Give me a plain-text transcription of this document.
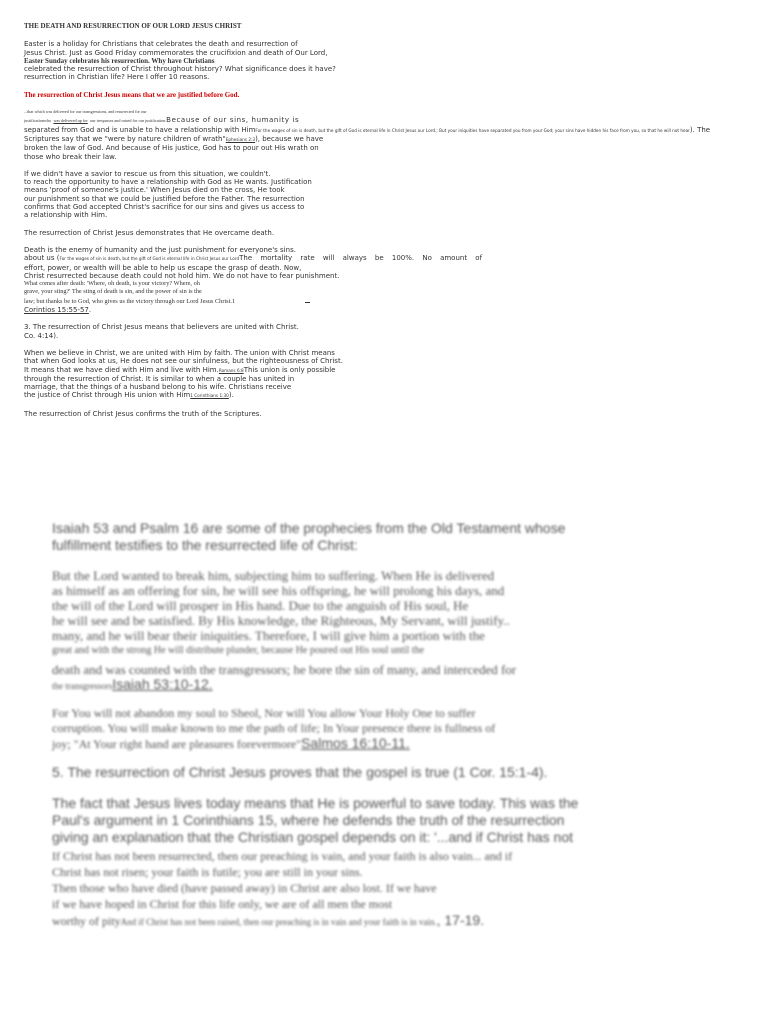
THE DEATH AND RESURRECTION OF OUR LORD JESUS CHRIST
Easter is a holiday for Christians that celebrates the death and resurrection of
Jesus Christ. Just as Good Friday commemorates the crucifixion and death of Our Lord,
Easter Sunday celebrates his resurrection. Why have Christians
celebrated the resurrection of Christ throughout history? What significance does it have?
resurrection in Christian life? Here I offer 10 reasons.
The resurrection of Christ Jesus means that we are justified before God.
...that which was delivered for our transgressions, and resurrected for our
justificationwho was delivered up for our trespasses and raised for our justification.Because of our sins, humanity is
separated from God and is unable to have a relationship with HimFor the wages of sin is death, but the gift of God is eternal life in Christ Jesus our Lord.; But your iniquities have separated you from your God; your sins have hidden his face from you, so that he will not hear). The
Scriptures say that we "were by nature children of wrath"Ephesians 2:3), because we have
broken the law of God. And because of His justice, God has to pour out His wrath on
those who break their law.
If we didn't have a savior to rescue us from this situation, we couldn't.
to reach the opportunity to have a relationship with God as He wants. Justification
means 'proof of someone's justice.' When Jesus died on the cross, He took
our punishment so that we could be justified before the Father. The resurrection
confirms that God accepted Christ's sacrifice for our sins and gives us access to
a relationship with Him.
The resurrection of Christ Jesus demonstrates that He overcame death.
Death is the enemy of humanity and the just punishment for everyone's sins.
about us (For the wages of sin is death, but the gift of God is eternal life in Christ Jesus our LordThe mortality rate will always be 100%. No amount of
effort, power, or wealth will be able to help us escape the grasp of death. Now,
Christ resurrected because death could not hold him. We do not have to fear punishment.
What comes after death: 'Where, oh death, is your victory? Where, oh
grave, your sting?' The sting of death is sin, and the power of sin is the
law; but thanks be to God, who gives us the victory through our Lord Jesus Christ.1
Corintios 15:55-57.
3. The resurrection of Christ Jesus means that believers are united with Christ.
Co. 4:14).
When we believe in Christ, we are united with Him by faith. The union with Christ means
that when God looks at us, He does not see our sinfulness, but the righteousness of Christ.
It means that we have died with Him and live with Him.Romans 6:8This union is only possible
through the resurrection of Christ. It is similar to when a couple has united in
marriage, that the things of a husband belong to his wife. Christians receive
the justice of Christ through His union with Him1 Corinthians 1:30).
The resurrection of Christ Jesus confirms the truth of the Scriptures.
Isaiah 53 and Psalm 16 are some of the prophecies from the Old Testament whose
fulfillment testifies to the resurrected life of Christ:
But the Lord wanted to break him, subjecting him to suffering. When He is delivered
as himself as an offering for sin, he will see his offspring, he will prolong his days, and
the will of the Lord will prosper in His hand. Due to the anguish of His soul, He
he will see and be satisfied. By His knowledge, the Righteous, My Servant, will justify..
many, and he will bear their iniquities. Therefore, I will give him a portion with the
great and with the strong He will distribute plunder, because He poured out His soul until the
death and was counted with the transgressors; he bore the sin of many, and interceded for
the transgressorsIsaiah 53:10-12.
For You will not abandon my soul to Sheol, Nor will You allow Your Holy One to suffer
corruption. You will make known to me the path of life; In Your presence there is fullness of
joy; "At Your right hand are pleasures forevermore"Salmos 16:10-11.
5. The resurrection of Christ Jesus proves that the gospel is true (1 Cor. 15:1-4).
The fact that Jesus lives today means that He is powerful to save today. This was the
Paul's argument in 1 Corinthians 15, where he defends the truth of the resurrection
giving an explanation that the Christian gospel depends on it: '...and if Christ has not
If Christ has not been resurrected, then our preaching is vain, and your faith is also vain... and if
Christ has not risen; your faith is futile; you are still in your sins.
Then those who have died (have passed away) in Christ are also lost. If we have
if we have hoped in Christ for this life only, we are of all men the most
worthy of pityAnd if Christ has not been raised, then our preaching is in vain and your faith is in vain., 17-19.
